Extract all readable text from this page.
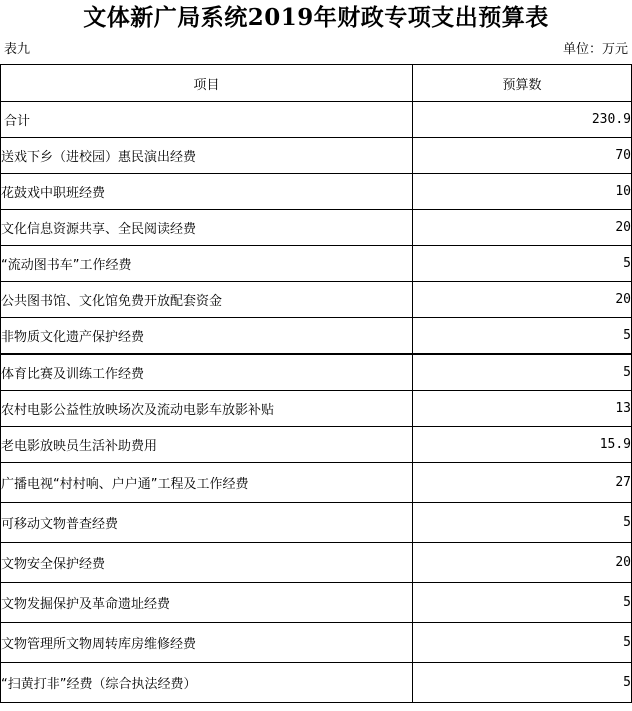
文体新广局系统2019年财政专项支出预算表
表九	单位：万元
项目	预算数
合计	230.9
送戏下乡（进校园）惠民演出经费	70
花鼓戏中职班经费	10
文化信息资源共享、全民阅读经费	20
“流动图书车”工作经费	5
公共图书馆、文化馆免费开放配套资金	20
非物质文化遗产保护经费	5
体育比赛及训练工作经费	5
农村电影公益性放映场次及流动电影车放影补贴	13
老电影放映员生活补助费用	15.9
广播电视“村村响、户户通”工程及工作经费	27
可移动文物普查经费	5
文物安全保护经费	20
文物发掘保护及革命遗址经费	5
文物管理所文物周转库房维修经费	5
“扫黄打非”经费（综合执法经费）	5
